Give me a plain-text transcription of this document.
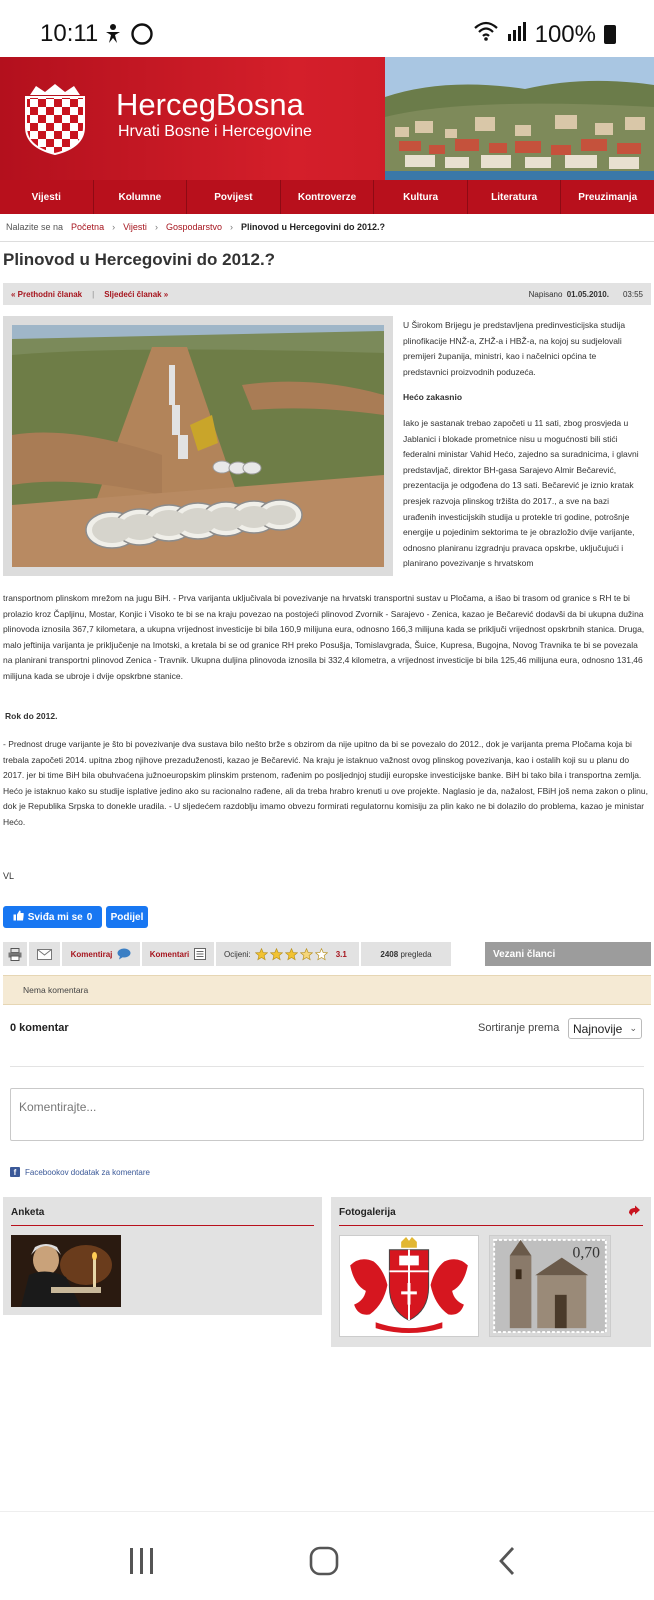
10:11	100%
HercegBosna
Hrvati Bosne i Hercegovine
Vijesti	Kolumne	Povijest	Kontroverze	Kultura	Literatura	Preuzimanja
Nalazite se na Početna › Vijesti › Gospodarstvo › Plinovod u Hercegovini do 2012.?
Plinovod u Hercegovini do 2012.?
« Prethodni članak | Sljedeći članak »	Napisano 01.05.2010. 03:55

U Širokom Brijegu je predstavljena predinvesticijska studija plinofikacije HNŽ-a, ZHŽ-a i HBŽ-a, na kojoj su sudjelovali premijeri županija, ministri, kao i načelnici općina te predstavnici proizvodnih poduzeća.

Hećo zakasnio

Iako je sastanak trebao započeti u 11 sati, zbog prosvjeda u Jablanici i blokade prometnice nisu u mogućnosti bili stići federalni ministar Vahid Hećo, zajedno sa suradnicima, i glavni predstavljač, direktor BH-gasa Sarajevo Almir Bečarević, prezentacija je odgođena do 13 sati. Bečarević je iznio kratak presjek razvoja plinskog tržišta do 2017., a sve na bazi urađenih investicijskih studija u protekle tri godine, potrošnje energije u pojedinim sektorima te je obrazložio dvije varijante, odnosno planiranu izgradnju pravaca opskrbe, uključujući i planirano povezivanje s hrvatskom

transportnom plinskom mrežom na jugu BiH. - Prva varijanta uključivala bi povezivanje na hrvatski transportni sustav u Pločama, a išao bi trasom od granice s RH te bi prolazio kroz Čapljinu, Mostar, Konjic i Visoko te bi se na kraju povezao na postojeći plinovod Zvornik - Sarajevo - Zenica, kazao je Bečarević dodavši da bi ukupna dužina plinovoda iznosila 367,7 kilometara, a ukupna vrijednost investicije bi bila 160,9 milijuna eura, odnosno 166,3 milijuna kada se priključi vrijednost opskrbnih stanica. Druga, malo jeftinija varijanta je priključenje na Imotski, a kretala bi se od granice RH preko Posušja, Tomislavgrada, Šuice, Kupresa, Bugojna, Novog Travnika te bi se povezala na planirani transportni plinovod Zenica - Travnik. Ukupna duljina plinovoda iznosila bi 332,4 kilometra, a vrijednost investicije bi bila 125,46 milijuna eura, odnosno 131,46 milijuna kada se ubroje i dvije opskrbne stanice.
Rok do 2012.
- Prednost druge varijante je što bi povezivanje dva sustava bilo nešto brže s obzirom da nije upitno da bi se povezalo do 2012., dok je varijanta prema Pločama koja bi trebala započeti 2014. upitna zbog njihove prezaduženosti, kazao je Bečarević. Na kraju je istaknuo važnost ovog plinskog povezivanja, kao i ostalih koji su u planu do 2017. jer bi time BiH bila obuhvaćena južnoeuropskim plinskim prstenom, rađenim po posljednjoj studiji europske investicijske banke. BiH bi tako bila i transportna zemlja. Hećo je istaknuo kako su studije isplative jedino ako su racionalno rađene, ali da treba hrabro krenuti u ove projekte. Naglasio je da, nažalost, FBiH još nema zakon o plinu, dok je Republika Srpska to donekle uradila. - U sljedećem razdoblju imamo obvezu formirati regulatornu komisiju za plin kako ne bi dolazilo do problema, kazao je ministar Hećo.
VL
Sviđa mi se 0	Podijel
Komentiraj	Komentari	Ocijeni:	3.1	2408
pregleda	Vezani članci
Nema komentara
0 komentar	Sortiranje prema Najnovije ⌄
Komentirajte...
f	Facebookov dodatak za komentare
Anketa	Fotogalerija
0,70
